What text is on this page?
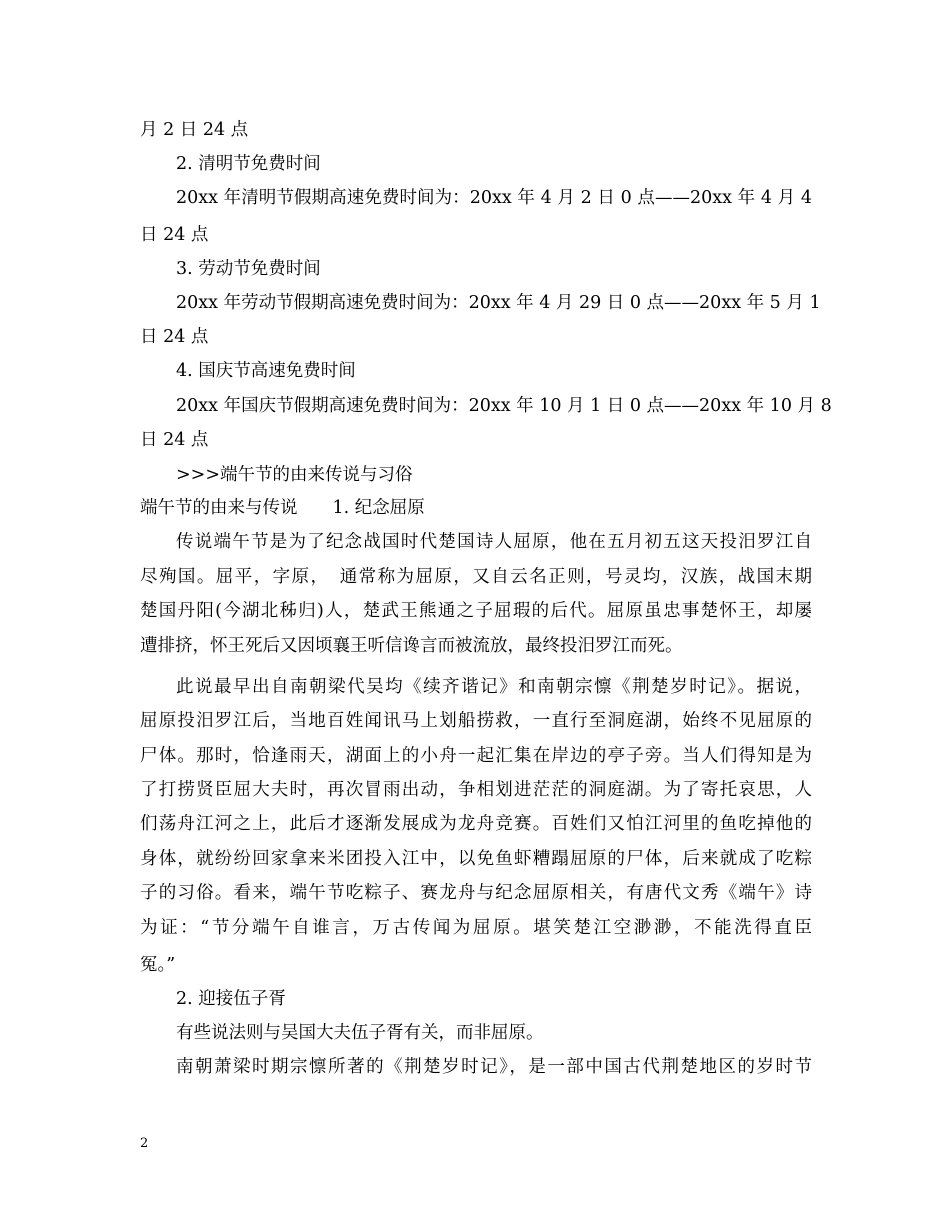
月 2 日 24 点
2. 清明节免费时间
20xx 年清明节假期高速免费时间为：20xx 年 4 月 2 日 0 点——20xx 年 4 月 4
日 24 点
3. 劳动节免费时间
20xx 年劳动节假期高速免费时间为：20xx 年 4 月 29 日 0 点——20xx 年 5 月 1
日 24 点
4. 国庆节高速免费时间
20xx 年国庆节假期高速免费时间为：20xx 年 10 月 1 日 0 点——20xx 年 10 月 8
日 24 点
>>>端午节的由来传说与习俗
端午节的由来与传说　　1. 纪念屈原
传说端午节是为了纪念战国时代楚国诗人屈原，他在五月初五这天投汨罗江自
尽殉国。屈平，字原，　通常称为屈原，又自云名正则，号灵均，汉族，战国末期
楚国丹阳(今湖北秭归)人，楚武王熊通之子屈瑕的后代。屈原虽忠事楚怀王，却屡
遭排挤，怀王死后又因顷襄王听信谗言而被流放，最终投汨罗江而死。
此说最早出自南朝梁代吴均《续齐谐记》和南朝宗懔《荆楚岁时记》。据说，
屈原投汨罗江后，当地百姓闻讯马上划船捞救，一直行至洞庭湖，始终不见屈原的
尸体。那时，恰逢雨天，湖面上的小舟一起汇集在岸边的亭子旁。当人们得知是为
了打捞贤臣屈大夫时，再次冒雨出动，争相划进茫茫的洞庭湖。为了寄托哀思，人
们荡舟江河之上，此后才逐渐发展成为龙舟竞赛。百姓们又怕江河里的鱼吃掉他的
身体，就纷纷回家拿来米团投入江中，以免鱼虾糟蹋屈原的尸体，后来就成了吃粽
子的习俗。看来，端午节吃粽子、赛龙舟与纪念屈原相关，有唐代文秀《端午》诗
为证：“节分端午自谁言，万古传闻为屈原。堪笑楚江空渺渺，不能洗得直臣
冤。”
2. 迎接伍子胥
有些说法则与吴国大夫伍子胥有关，而非屈原。
南朝萧梁时期宗懔所著的《荆楚岁时记》，是一部中国古代荆楚地区的岁时节
2
